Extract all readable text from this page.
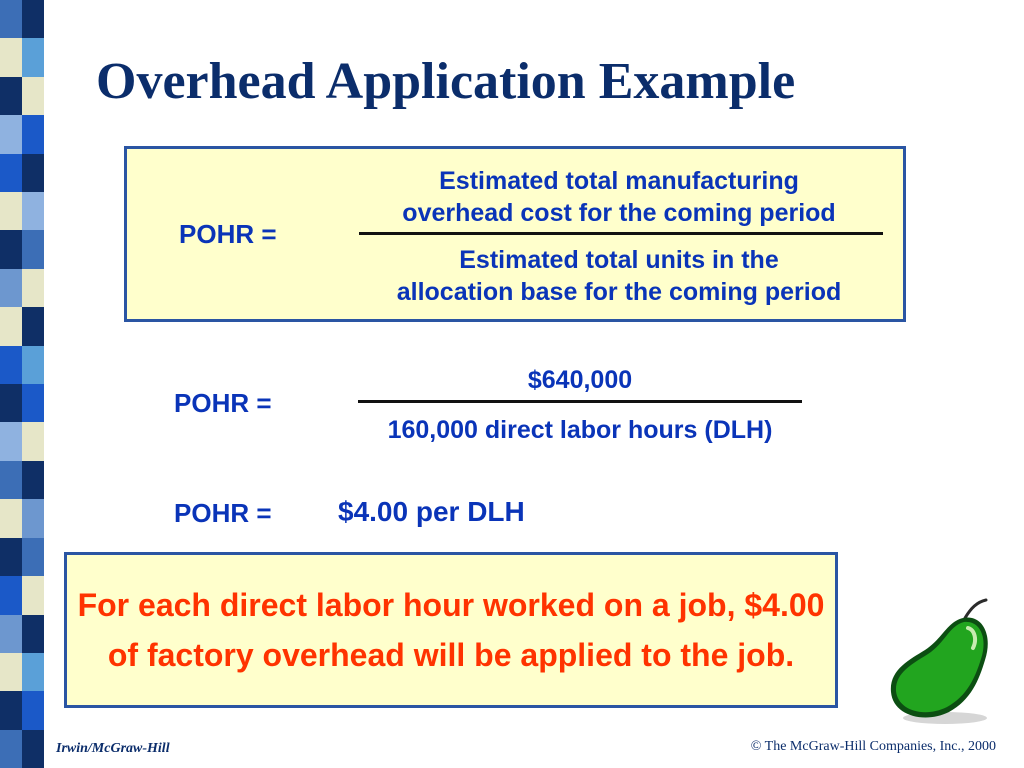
Overhead Application Example
POHR =
Estimated total manufacturing
overhead cost for the coming period
Estimated total units in the
allocation base for the coming period
POHR =
$640,000
160,000 direct labor hours (DLH)
POHR = $4.00 per DLH
For each direct labor hour worked on a job, $4.00 of factory overhead will be applied to the job.
Irwin/McGraw-Hill	© The McGraw-Hill Companies, Inc., 2000
